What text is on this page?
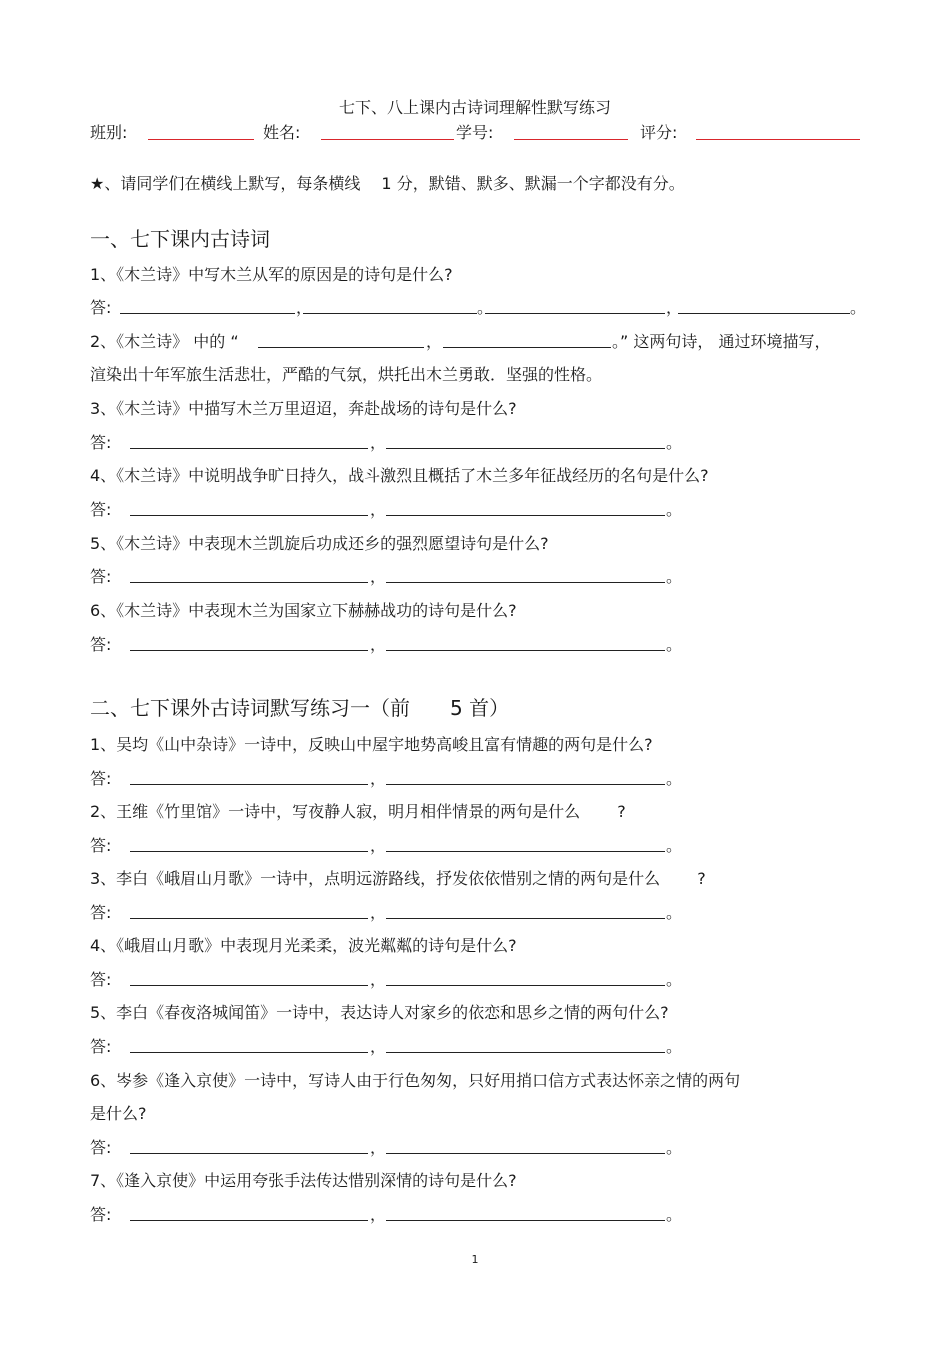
七下、八上课内古诗词理解性默写练习
班别:	姓名:	学号:	评分:
★、请同学们在横线上默写，每条横线　 1 分，默错、默多、默漏一个字都没有分。
一、七下课内古诗词
1、《木兰诗》中写木兰从军的原因是的诗句是什么?
答:	，	。	，	。
2、《木兰诗》 中的 “	，	。” 这两句诗， 通过环境描写，
渲染出十年军旅生活悲壮，严酷的气氛，烘托出木兰勇敢．坚强的性格。
3、《木兰诗》中描写木兰万里迢迢，奔赴战场的诗句是什么?
答:	，	。
4、《木兰诗》中说明战争旷日持久，战斗激烈且概括了木兰多年征战经历的名句是什么?
答:	，	。
5、《木兰诗》中表现木兰凯旋后功成还乡的强烈愿望诗句是什么?
答:	，	。
6、《木兰诗》中表现木兰为国家立下赫赫战功的诗句是什么?
答:	，	。
二、七下课外古诗词默写练习一（前　　5 首）
1、吴均《山中杂诗》一诗中，反映山中屋宇地势高峻且富有情趣的两句是什么?
答:	，	。
2、王维《竹里馆》一诗中，写夜静人寂，明月相伴情景的两句是什么　　 ?
答:	，	。
3、李白《峨眉山月歌》一诗中，点明远游路线，抒发依依惜别之情的两句是什么　　 ?
答:	，	。
4、《峨眉山月歌》中表现月光柔柔，波光粼粼的诗句是什么?
答:	，	。
5、李白《春夜洛城闻笛》一诗中，表达诗人对家乡的依恋和思乡之情的两句什么?
答:	，	。
6、岑参《逢入京使》一诗中，写诗人由于行色匆匆，只好用捎口信方式表达怀亲之情的两句
是什么?
答:	，	。
7、《逢入京使》中运用夸张手法传达惜别深情的诗句是什么?
答:	，	。
1
